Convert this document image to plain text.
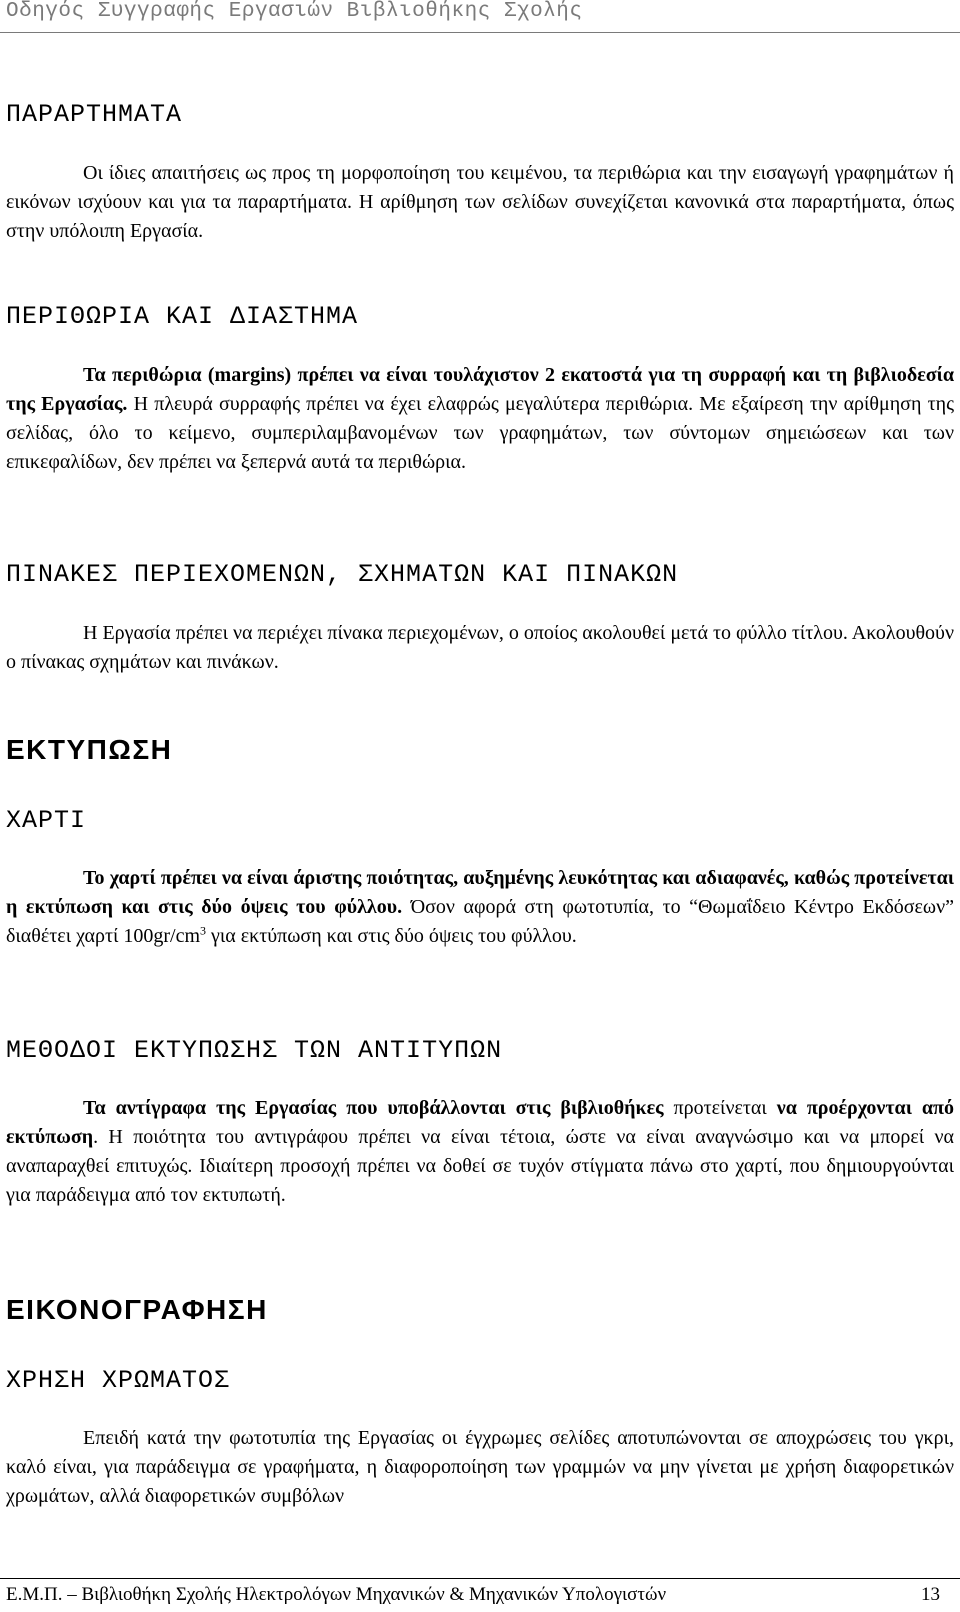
Οδηγός Συγγραφής Εργασιών Βιβλιοθήκης Σχολής
ΠΑΡΑΡΤΗΜΑΤΑ

Οι ίδιες απαιτήσεις ως προς τη μορφοποίηση του κειμένου, τα περιθώρια και την εισαγωγή γραφημάτων ή εικόνων ισχύουν και για τα παραρτήματα. Η αρίθμηση των σελίδων συνεχίζεται κανονικά στα παραρτήματα, όπως στην υπόλοιπη Εργασία.

ΠΕΡΙΘΩΡΙΑ ΚΑΙ ΔΙΑΣΤΗΜΑ

Τα περιθώρια (margins) πρέπει να είναι τουλάχιστον 2 εκατοστά για τη συρραφή και τη βιβλιοδεσία της Εργασίας. Η πλευρά συρραφής πρέπει να έχει ελαφρώς μεγαλύτερα περιθώρια. Με εξαίρεση την αρίθμηση της σελίδας, όλο το κείμενο, συμπεριλαμβανομένων των γραφημάτων, των σύντομων σημειώσεων και των επικεφαλίδων, δεν πρέπει να ξεπερνά αυτά τα περιθώρια.

ΠΙΝΑΚΕΣ ΠΕΡΙΕΧΟΜΕΝΩΝ, ΣΧΗΜΑΤΩΝ ΚΑΙ ΠΙΝΑΚΩΝ

Η Εργασία πρέπει να περιέχει πίνακα περιεχομένων, ο οποίος ακολουθεί μετά το φύλλο τίτλου. Ακολουθούν ο πίνακας σχημάτων και πινάκων.

ΕΚΤΥΠΩΣΗ
ΧΑΡΤΙ

Το χαρτί πρέπει να είναι άριστης ποιότητας, αυξημένης λευκότητας και αδιαφανές, καθώς προτείνεται η εκτύπωση και στις δύο όψεις του φύλλου. Όσον αφορά στη φωτοτυπία, το “Θωμαΐδειο Κέντρο Εκδόσεων” διαθέτει χαρτί $100gr/cm^3$ για εκτύπωση και στις δύο όψεις του φύλλου.

ΜΕΘΟΔΟΙ ΕΚΤΥΠΩΣΗΣ ΤΩΝ ΑΝΤΙΤΥΠΩΝ

Τα αντίγραφα της Εργασίας που υποβάλλονται στις βιβλιοθήκες προτείνεται να προέρχονται από εκτύπωση. Η ποιότητα του αντιγράφου πρέπει να είναι τέτοια, ώστε να είναι αναγνώσιμο και να μπορεί να αναπαραχθεί επιτυχώς. Ιδιαίτερη προσοχή πρέπει να δοθεί σε τυχόν στίγματα πάνω στο χαρτί, που δημιουργούνται για παράδειγμα από τον εκτυπωτή.

ΕΙΚΟΝΟΓΡΑΦΗΣΗ
ΧΡΗΣΗ ΧΡΩΜΑΤΟΣ

Επειδή κατά την φωτοτυπία της Εργασίας οι έγχρωμες σελίδες αποτυπώνονται σε αποχρώσεις του γκρι, καλό είναι, για παράδειγμα σε γραφήματα, η διαφοροποίηση των γραμμών να μην γίνεται με χρήση διαφορετικών χρωμάτων, αλλά διαφορετικών συμβόλων

Ε.Μ.Π. – Βιβλιοθήκη Σχολής Ηλεκτρολόγων Μηχανικών & Μηχανικών Υπολογιστών	13
